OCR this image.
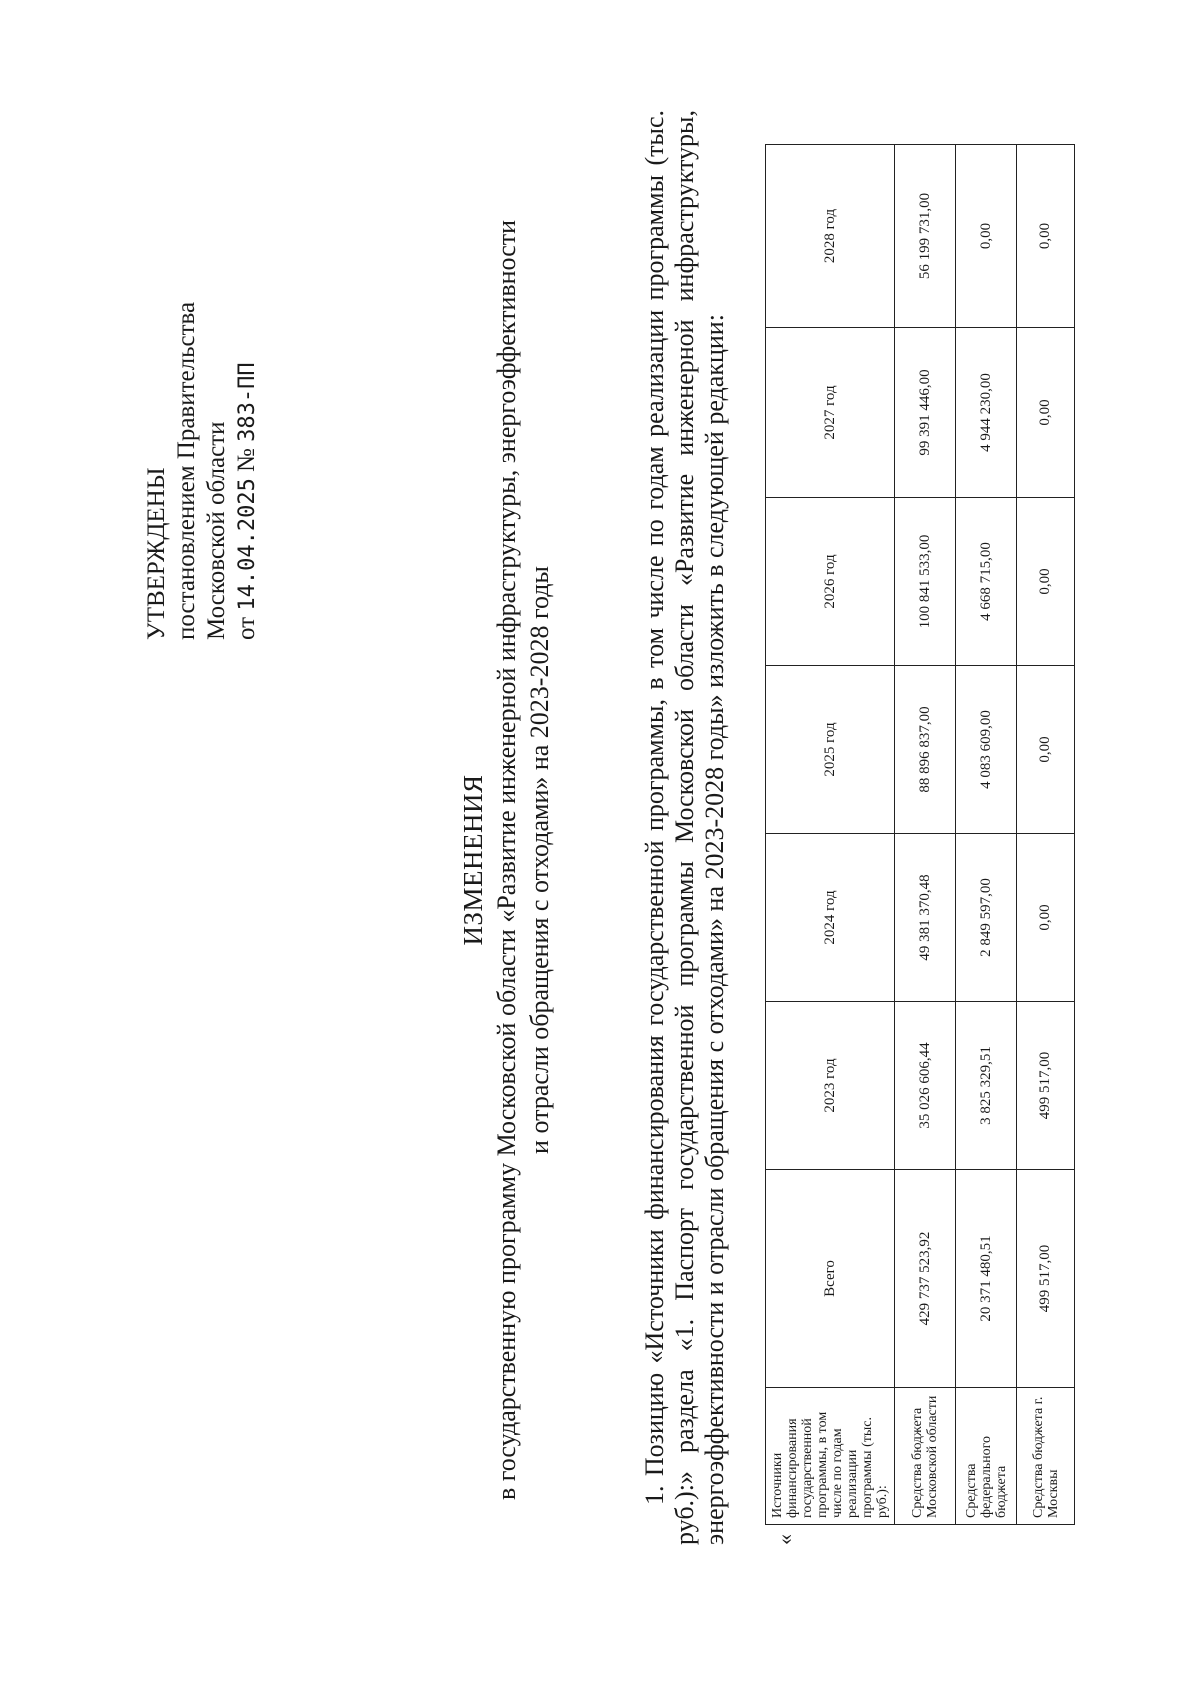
УТВЕРЖДЕНЫ постановлением Правительства Московской области от 14.04.2025 № 383-ПП
ИЗМЕНЕНИЯ в государственную программу Московской области «Развитие инженерной инфраструктуры, энергоэффективности и отрасли обращения с отходами» на 2023-2028 годы	1. Позицию «Источники финансирования государственной программы, в том числе по годам реализации программы (тыс. руб.):» раздела «1. Паспорт государственной программы Московской области «Развитие инженерной инфраструктуры, энергоэффективности и отрасли обращения с отходами» на 2023-2028 годы» изложить в следующей редакции: «
Источники финансирования государственной программы, в том числе по годам реализации программы (тыс. руб.):	Всего	2023 год	2024 год	2025 год	2026 год	2027 год	2028 год
Средства бюджета Московской области	429 737 523,92	35 026 606,44	49 381 370,48	88 896 837,00	100 841 533,00	99 391 446,00	56 199 731,00
Средства федерального бюджета	20 371 480,51	3 825 329,51	2 849 597,00	4 083 609,00	4 668 715,00	4 944 230,00	0,00
Средства бюджета г. Москвы	499 517,00	499 517,00	0,00	0,00	0,00	0,00	0,00
